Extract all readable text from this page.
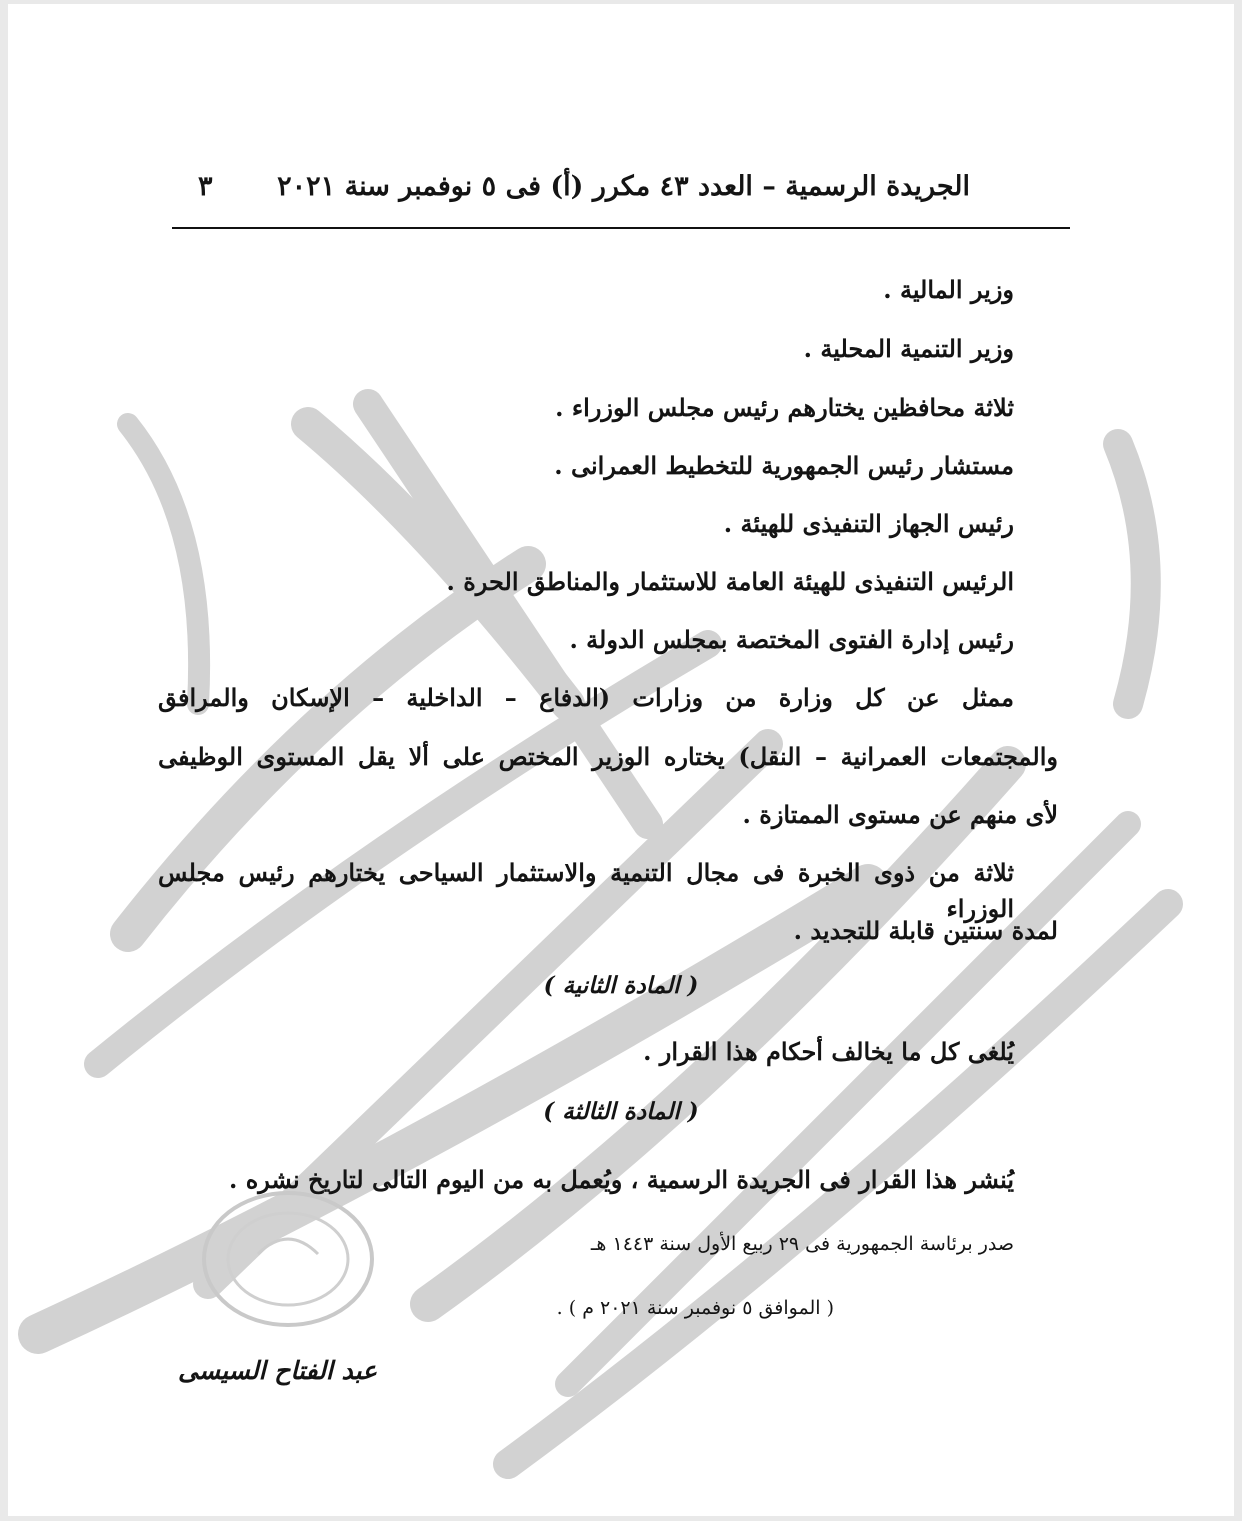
الجريدة الرسمية – العدد ٤٣ مكرر (أ) فى ٥ نوفمبر سنة ٢٠٢١
٣
وزير المالية .
وزير التنمية المحلية .
ثلاثة محافظين يختارهم رئيس مجلس الوزراء .
مستشار رئيس الجمهورية للتخطيط العمرانى .
رئيس الجهاز التنفيذى للهيئة .
الرئيس التنفيذى للهيئة العامة للاستثمار والمناطق الحرة .
رئيس إدارة الفتوى المختصة بمجلس الدولة .
ممثل عن كل وزارة من وزارات (الدفاع – الداخلية – الإسكان والمرافق
والمجتمعات العمرانية – النقل) يختاره الوزير المختص على ألا يقل المستوى الوظيفى
لأى منهم عن مستوى الممتازة .
ثلاثة من ذوى الخبرة فى مجال التنمية والاستثمار السياحى يختارهم رئيس مجلس الوزراء
لمدة سنتين قابلة للتجديد .
( المادة الثانية )
يُلغى كل ما يخالف أحكام هذا القرار .
( المادة الثالثة )
يُنشر هذا القرار فى الجريدة الرسمية ، ويُعمل به من اليوم التالى لتاريخ نشره .
صدر برئاسة الجمهورية فى ٢٩ ربيع الأول سنة ١٤٤٣ هـ
( الموافق ٥ نوفمبر سنة ٢٠٢١ م ) .
عبد الفتاح السيسى
